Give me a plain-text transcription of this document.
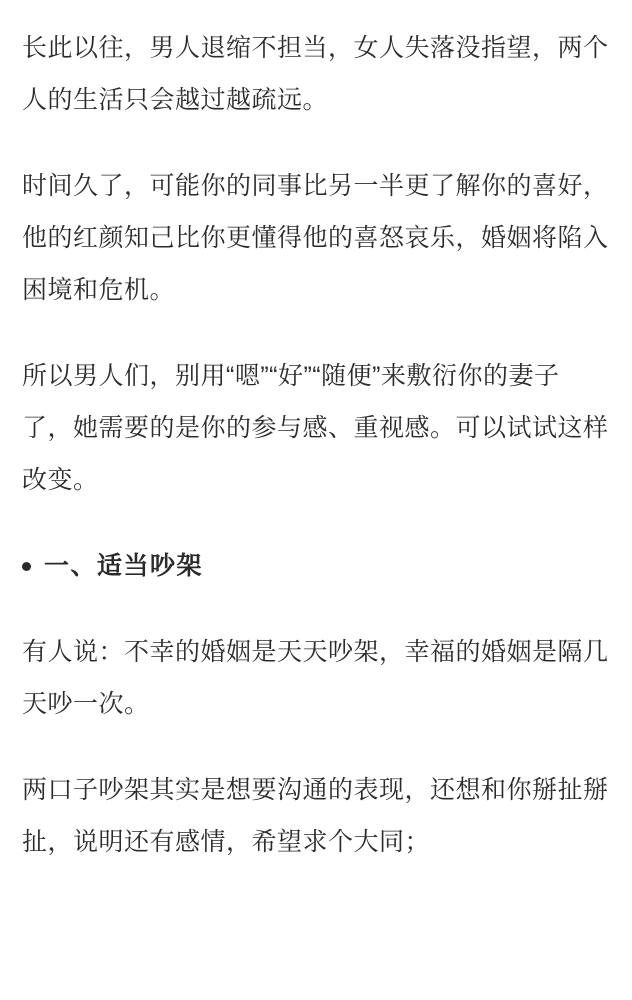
长此以往，男人退缩不担当，女人失落没指望，两个人的生活只会越过越疏远。

时间久了，可能你的同事比另一半更了解你的喜好，他的红颜知己比你更懂得他的喜怒哀乐，婚姻将陷入困境和危机。

所以男人们，别用“嗯”“好”“随便”来敷衍你的妻子了，她需要的是你的参与感、重视感。可以试试这样改变。

一、适当吵架

有人说：不幸的婚姻是天天吵架，幸福的婚姻是隔几天吵一次。

两口子吵架其实是想要沟通的表现，还想和你掰扯掰扯，说明还有感情，希望求个大同；
